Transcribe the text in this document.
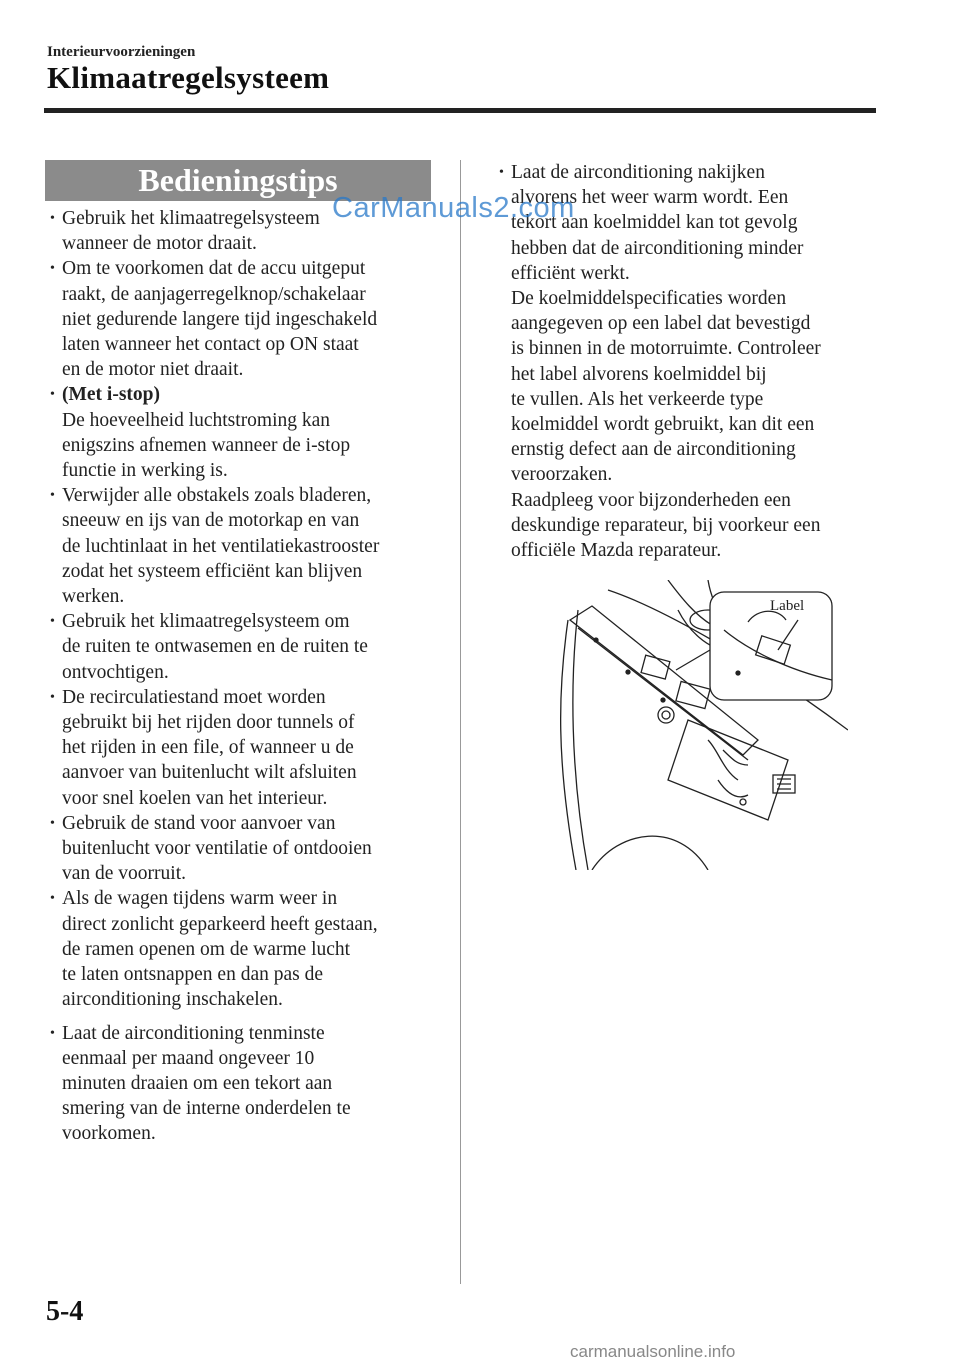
Interieurvoorzieningen
Klimaatregelsysteem
Bedieningstips
• Gebruik het klimaatregelsysteem

wanneer de motor draait.

• Om te voorkomen dat de accu uitgeput

raakt, de aanjagerregelknop/schakelaar

niet gedurende langere tijd ingeschakeld

laten wanneer het contact op ON staat

en de motor niet draait.

• (Met i-stop)

De hoeveelheid luchtstroming kan

enigszins afnemen wanneer de i-stop

functie in werking is.

• Verwijder alle obstakels zoals bladeren,

sneeuw en ijs van de motorkap en van

de luchtinlaat in het ventilatiekastrooster

zodat het systeem efficiënt kan blijven

werken.

• Gebruik het klimaatregelsysteem om

de ruiten te ontwasemen en de ruiten te

ontvochtigen.

• De recirculatiestand moet worden

gebruikt bij het rijden door tunnels of

het rijden in een file, of wanneer u de

aanvoer van buitenlucht wilt afsluiten

voor snel koelen van het interieur.

• Gebruik de stand voor aanvoer van

buitenlucht voor ventilatie of ontdooien

van de voorruit.

• Als de wagen tijdens warm weer in

direct zonlicht geparkeerd heeft gestaan,

de ramen openen om de warme lucht

te laten ontsnappen en dan pas de

airconditioning inschakelen.

• Laat de airconditioning tenminste

eenmaal per maand ongeveer 10

minuten draaien om een tekort aan

smering van de interne onderdelen te

voorkomen.

• Laat de airconditioning nakijken

alvorens het weer warm wordt. Een

tekort aan koelmiddel kan tot gevolg

hebben dat de airconditioning minder

efficiënt werkt.

De koelmiddelspecificaties worden

aangegeven op een label dat bevestigd

is binnen in de motorruimte. Controleer

het label alvorens koelmiddel bij

te vullen. Als het verkeerde type

koelmiddel wordt gebruikt, kan dit een

ernstig defect aan de airconditioning

veroorzaken.

Raadpleeg voor bijzonderheden een

deskundige reparateur, bij voorkeur een

officiële Mazda reparateur.

CarManuals2.com
Label
5-4
carmanualsonline.info
